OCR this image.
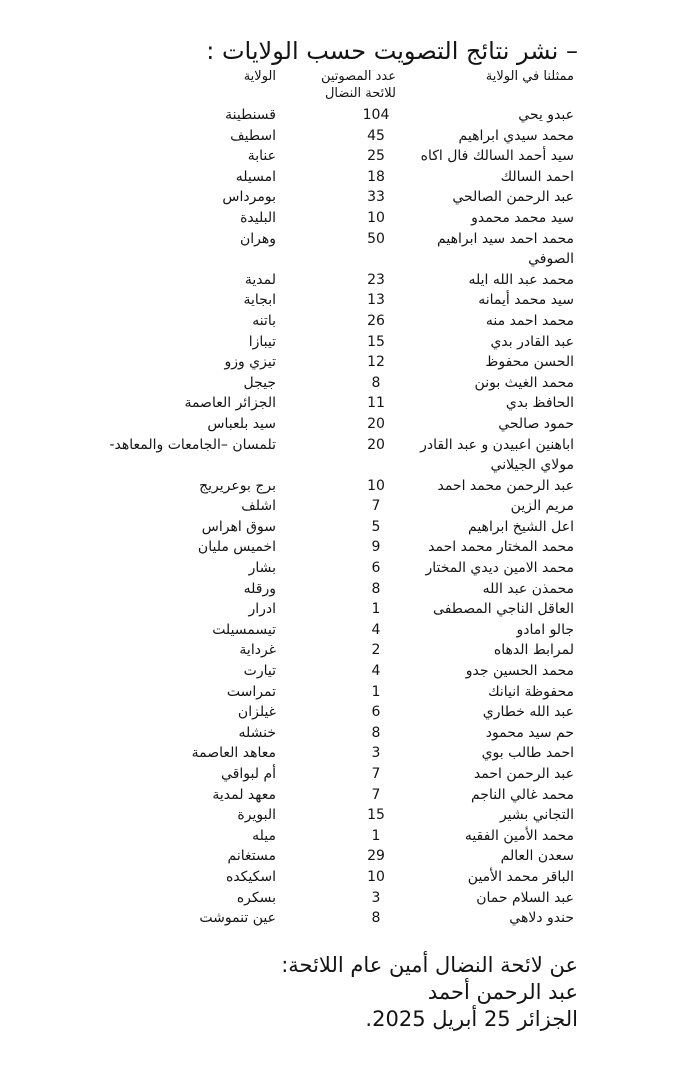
– نشر نتائج التصويت حسب الولايات :
ممثلنا في الولاية	عدد المصوتين للائحة النضال	الولاية
عبدو يحي	104	قسنطينة
محمد سيدي ابراهيم	45	اسطيف
سيد أحمد السالك فال اكاه	25	عنابة
احمد السالك	18	امسيله
عبد الرحمن الصالحي	33	بومرداس
سيد محمد محمدو	10	البليدة
محمد احمد سيد ابراهيم الصوفي	50	وهران
محمد عبد الله ايله	23	لمدية
سيد محمد أيمانه	13	ابجاية
محمد احمد منه	26	باتنه
عبد القادر بدي	15	تيبازا
الحسن محفوظ	12	تيزي وزو
محمد الغيث بونن	8	جيجل
الحافظ بدي	11	الجزائر العاصمة
حمود صالحي	20	سيد بلعباس
اباهنين اعبيدن و عبد القادر مولاي الجيلاني	20	تلمسان –الجامعات والمعاهد-
عبد الرحمن محمد احمد	10	برج بوعريريج
مريم الزين	7	اشلف
اعل الشيخ ابراهيم	5	سوق اهراس
محمد المختار محمد احمد	9	اخميس مليان
محمد الامين ديدي المختار	6	بشار
محمذن عبد الله	8	ورقله
العاقل الناجي المصطفى	1	ادرار
جالو امادو	4	تيسمسيلت
لمرابط الدهاه	2	غرداية
محمد الحسين جدو	4	تيارت
محفوظة انيانك	1	تمراست
عبد الله خطاري	6	غيلزان
حم سيد محمود	8	خنشله
احمد طالب بوي	3	معاهد العاصمة
عبد الرحمن احمد	7	أم لبواقي
محمد غالي الناجم	7	معهد لمدية
التجاني بشير	15	البويرة
محمد الأمين الفقيه	1	ميله
سعدن العالم	29	مستغانم
الباقر محمد الأمين	10	اسكيكده
عبد السلام حمان	3	بسكره
حندو دلاهي	8	عين تنموشت
عن لائحة النضال أمين عام اللائحة:
عبد الرحمن أحمد
الجزائر 25 أبريل 2025.
